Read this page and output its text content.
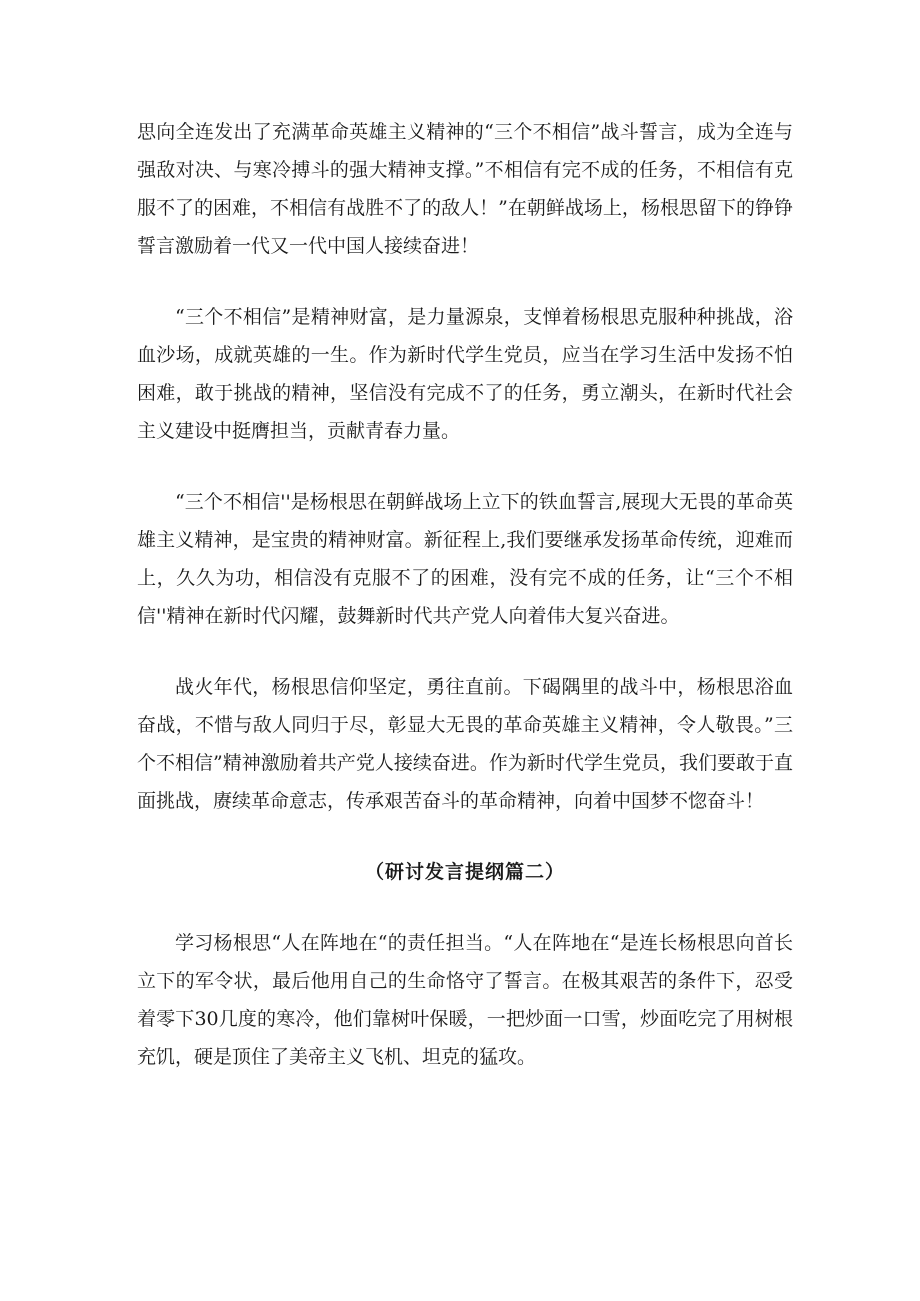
思向全连发出了充满革命英雄主义精神的“三个不相信”战斗誓言，成为全连与强敌对决、与寒冷搏斗的强大精神支撑。”不相信有完不成的任务，不相信有克服不了的困难，不相信有战胜不了的敌人！”在朝鲜战场上，杨根思留下的铮铮誓言激励着一代又一代中国人接续奋进！

“三个不相信”是精神财富，是力量源泉，支惮着杨根思克服种种挑战，浴血沙场，成就英雄的一生。作为新时代学生党员，应当在学习生活中发扬不怕困难，敢于挑战的精神，坚信没有完成不了的任务，勇立潮头，在新时代社会主义建设中挺膺担当，贡献青春力量。

“三个不相信''是杨根思在朝鲜战场上立下的铁血誓言,展现大无畏的革命英雄主义精神，是宝贵的精神财富。新征程上,我们要继承发扬革命传统，迎难而上，久久为功，相信没有克服不了的困难，没有完不成的任务，让“三个不相信''精神在新时代闪耀，鼓舞新时代共产党人向着伟大复兴奋进。

战火年代，杨根思信仰坚定，勇往直前。下碣隅里的战斗中，杨根思浴血奋战，不惜与敌人同归于尽，彰显大无畏的革命英雄主义精神，令人敬畏。”三个不相信”精神激励着共产党人接续奋进。作为新时代学生党员，我们要敢于直面挑战，赓续革命意志，传承艰苦奋斗的革命精神，向着中国梦不惚奋斗！

（研讨发言提纲篇二）

学习杨根思“人在阵地在“的责任担当。“人在阵地在“是连长杨根思向首长立下的军令状，最后他用自己的生命恪守了誓言。在极其艰苦的条件下，忍受着零下30几度的寒冷，他们靠树叶保暖，一把炒面一口雪，炒面吃完了用树根充饥，硬是顶住了美帝主义飞机、坦克的猛攻。
